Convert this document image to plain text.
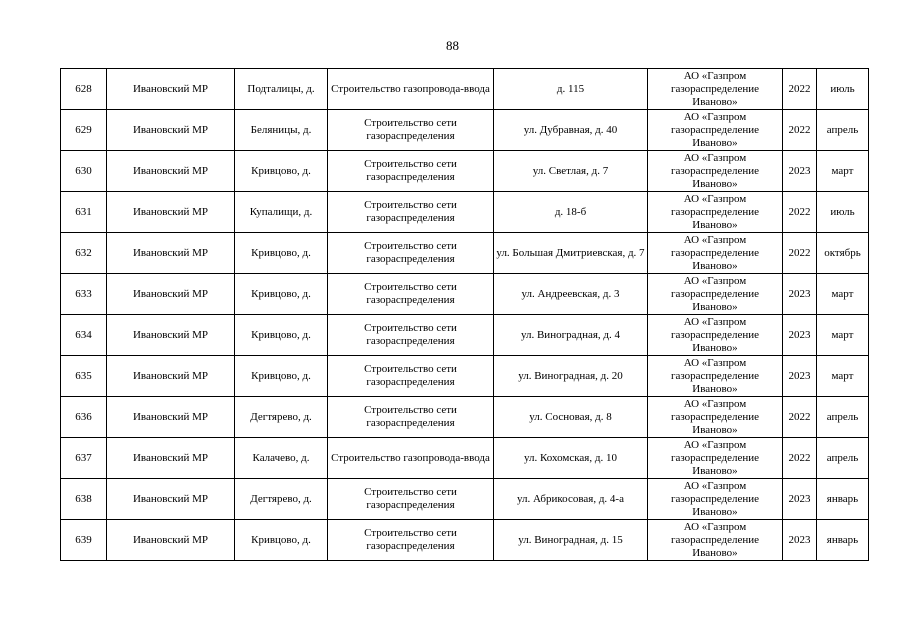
88
628	Ивановский МР	Подталицы, д.	Строительство газопровода-ввода	д. 115	АО «Газпром газораспределение Иваново»	2022	июль
629	Ивановский МР	Беляницы, д.	Строительство сети газораспределения	ул. Дубравная, д. 40	АО «Газпром газораспределение Иваново»	2022	апрель
630	Ивановский МР	Кривцово, д.	Строительство сети газораспределения	ул. Светлая, д. 7	АО «Газпром газораспределение Иваново»	2023	март
631	Ивановский МР	Купалищи, д.	Строительство сети газораспределения	д. 18-б	АО «Газпром газораспределение Иваново»	2022	июль
632	Ивановский МР	Кривцово, д.	Строительство сети газораспределения	ул. Большая Дмитриевская, д. 7	АО «Газпром газораспределение Иваново»	2022	октябрь
633	Ивановский МР	Кривцово, д.	Строительство сети газораспределения	ул. Андреевская, д. 3	АО «Газпром газораспределение Иваново»	2023	март
634	Ивановский МР	Кривцово, д.	Строительство сети газораспределения	ул. Виноградная, д. 4	АО «Газпром газораспределение Иваново»	2023	март
635	Ивановский МР	Кривцово, д.	Строительство сети газораспределения	ул. Виноградная, д. 20	АО «Газпром газораспределение Иваново»	2023	март
636	Ивановский МР	Дегтярево, д.	Строительство сети газораспределения	ул. Сосновая, д. 8	АО «Газпром газораспределение Иваново»	2022	апрель
637	Ивановский МР	Калачево, д.	Строительство газопровода-ввода	ул. Кохомская, д. 10	АО «Газпром газораспределение Иваново»	2022	апрель
638	Ивановский МР	Дегтярево, д.	Строительство сети газораспределения	ул. Абрикосовая, д. 4-а	АО «Газпром газораспределение Иваново»	2023	январь
639	Ивановский МР	Кривцово, д.	Строительство сети газораспределения	ул. Виноградная, д. 15	АО «Газпром газораспределение Иваново»	2023	январь
